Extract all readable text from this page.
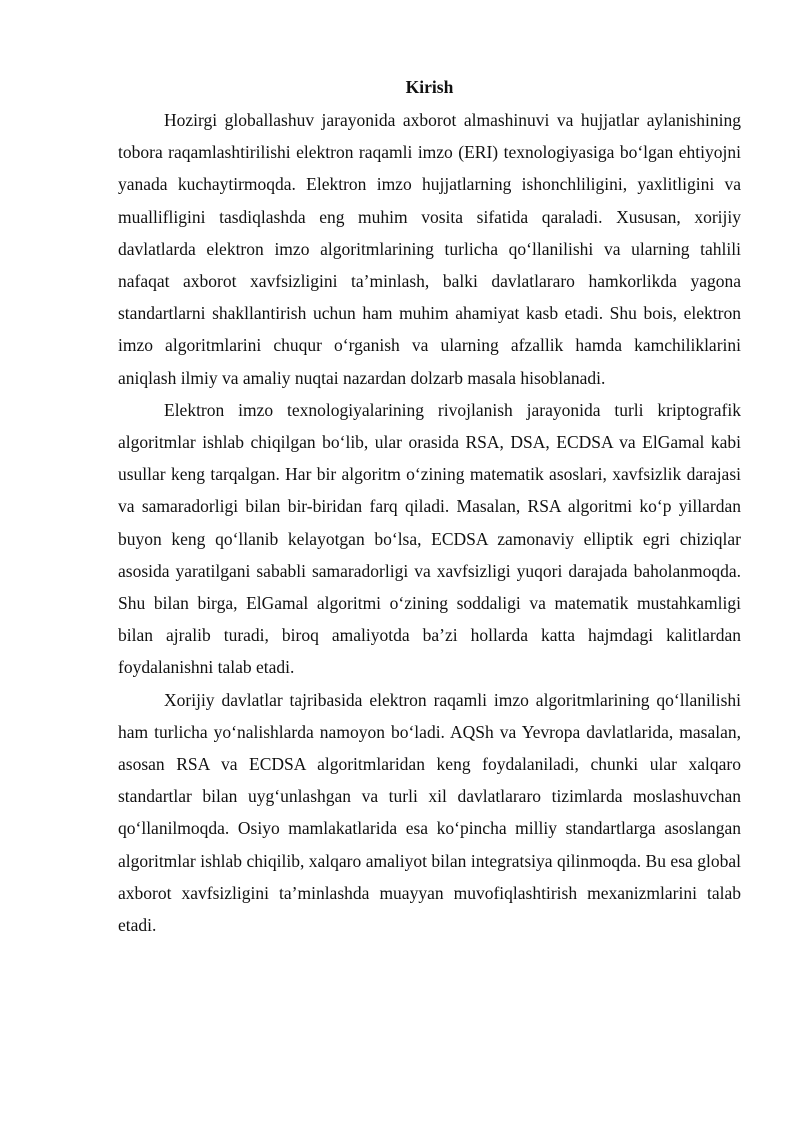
Kirish

Hozirgi globallashuv jarayonida axborot almashinuvi va hujjatlar aylanishining tobora raqamlashtirilishi elektron raqamli imzo (ERI) texnologiyasiga bo‘lgan ehtiyojni yanada kuchaytirmoqda. Elektron imzo hujjatlarning ishonchliligini, yaxlitligini va muallifligini tasdiqlashda eng muhim vosita sifatida qaraladi. Xususan, xorijiy davlatlarda elektron imzo algoritmlarining turlicha qo‘llanilishi va ularning tahlili nafaqat axborot xavfsizligini ta’minlash, balki davlatlararo hamkorlikda yagona standartlarni shakllantirish uchun ham muhim ahamiyat kasb etadi. Shu bois, elektron imzo algoritmlarini chuqur o‘rganish va ularning afzallik hamda kamchiliklarini aniqlash ilmiy va amaliy nuqtai nazardan dolzarb masala hisoblanadi.

Elektron imzo texnologiyalarining rivojlanish jarayonida turli kriptografik algoritmlar ishlab chiqilgan bo‘lib, ular orasida RSA, DSA, ECDSA va ElGamal kabi usullar keng tarqalgan. Har bir algoritm o‘zining matematik asoslari, xavfsizlik darajasi va samaradorligi bilan bir-biridan farq qiladi. Masalan, RSA algoritmi ko‘p yillardan buyon keng qo‘llanib kelayotgan bo‘lsa, ECDSA zamonaviy elliptik egri chiziqlar asosida yaratilgani sababli samaradorligi va xavfsizligi yuqori darajada baholanmoqda. Shu bilan birga, ElGamal algoritmi o‘zining soddaligi va matematik mustahkamligi bilan ajralib turadi, biroq amaliyotda ba’zi hollarda katta hajmdagi kalitlardan foydalanishni talab etadi.

Xorijiy davlatlar tajribasida elektron raqamli imzo algoritmlarining qo‘llanilishi ham turlicha yo‘nalishlarda namoyon bo‘ladi. AQSh va Yevropa davlatlarida, masalan, asosan RSA va ECDSA algoritmlaridan keng foydalaniladi, chunki ular xalqaro standartlar bilan uyg‘unlashgan va turli xil davlatlararo tizimlarda moslashuvchan qo‘llanilmoqda. Osiyo mamlakatlarida esa ko‘pincha milliy standartlarga asoslangan algoritmlar ishlab chiqilib, xalqaro amaliyot bilan integratsiya qilinmoqda. Bu esa global axborot xavfsizligini ta’minlashda muayyan muvofiqlashtirish mexanizmlarini talab etadi.
